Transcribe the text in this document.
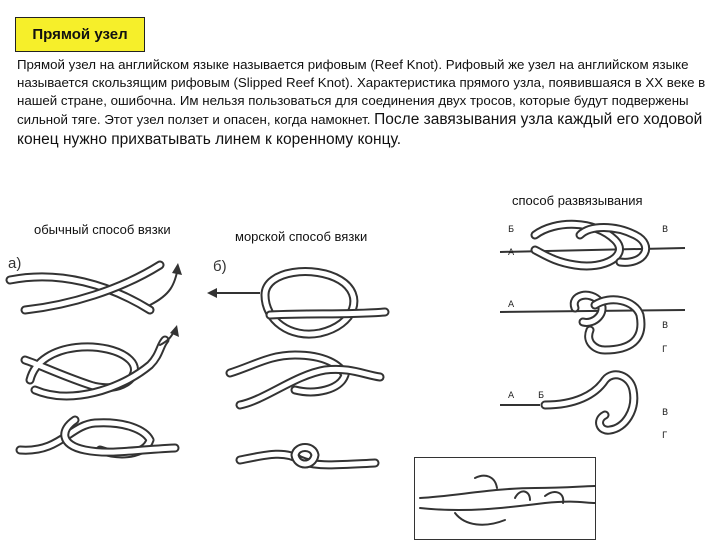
Прямой узел

Прямой узел на английском языке называется рифовым (Reef Knot). Рифовый же узел на английском языке называется скользящим рифовым (Slipped Reef Knot). Характеристика прямого узла, появившаяся в XX веке в нашей стране, ошибочна. Им нельзя пользоваться для соединения двух тросов, которые будут подвержены сильной тяге. Этот узел ползет и опасен, когда намокнет. После завязывания узла каждый его ходовой конец нужно прихватывать линем к коренному концу.

способ развязывания
обычный способ вязки	морской способ вязки
а)	б)
Б	В
А
А
В
Г
А	Б
В
Г
